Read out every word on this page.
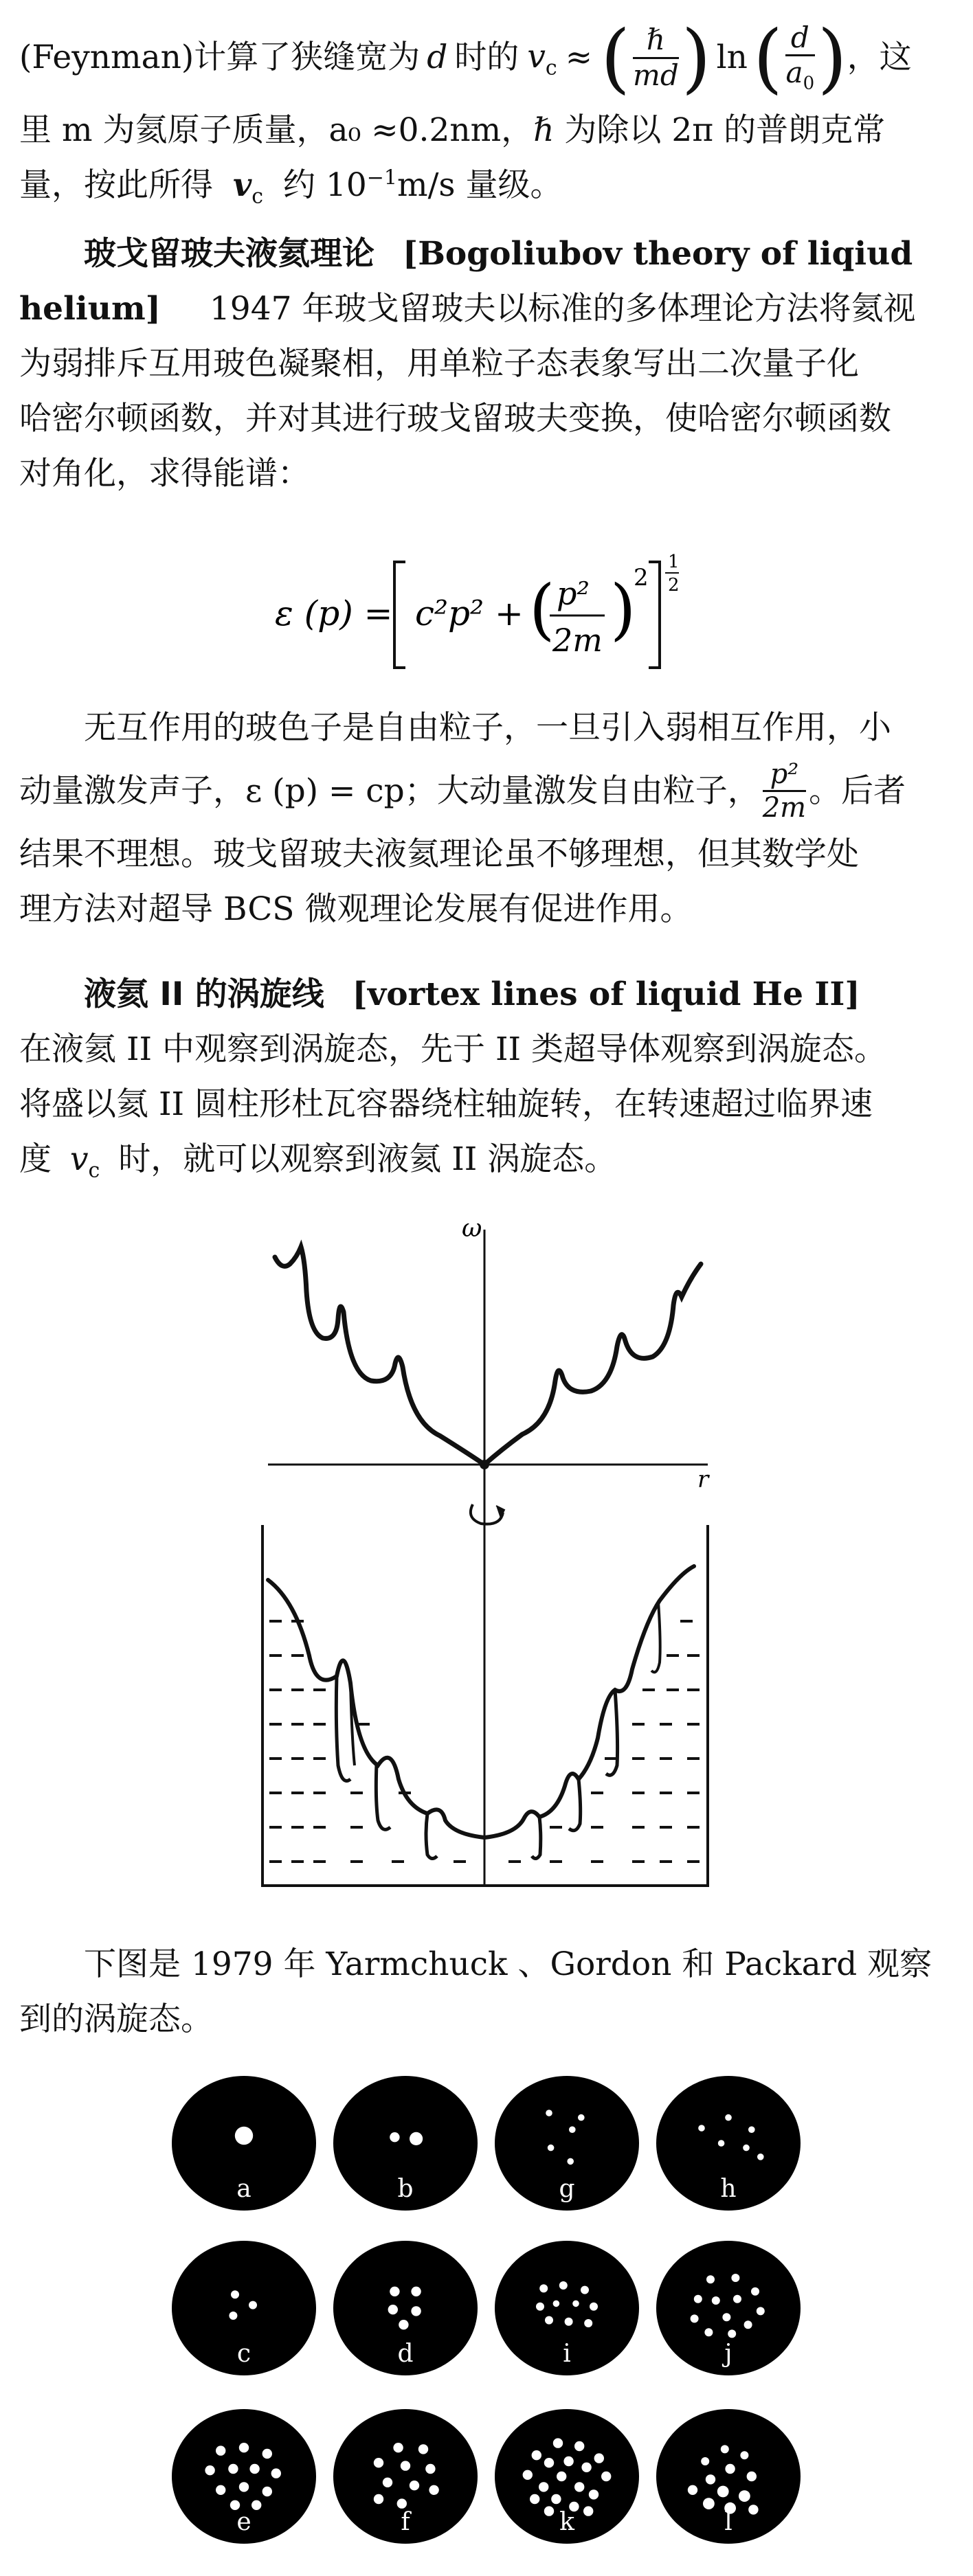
(Feynman)计算了狭缝宽为 d 时的 $v_c$ ≈ ( $\frac{\text{ℏ}}{md}$ ) ln ( $\frac{d}{a_0}$ ) ，这
里 m 为氦原子质量，a₀ ≈0.2nm，ℏ 为除以 2π 的普朗克常
量，按此所得 $v_c$ 约 $10^{-1}m/s$ 量级。
玻戈留玻夫液氦理论 [Bogoliubov theory of liqiud
helium] 1947 年玻戈留玻夫以标准的多体理论方法将氦视
为弱排斥互用玻色凝聚相，用单粒子态表象写出二次量子化
哈密尔顿函数，并对其进行玻戈留玻夫变换，使哈密尔顿函数
对角化，求得能谱：
ε (p) = c²p² + ( p²
2m )
2
1
2
无互作用的玻色子是自由粒子，一旦引入弱相互作用，小
动量激发声子，ε (p) = cp；大动量激发自由粒子， $\frac{\text{p²}}{2m}$ 。后者
结果不理想。玻戈留玻夫液氦理论虽不够理想，但其数学处
理方法对超导 BCS 微观理论发展有促进作用。
液氦 II 的涡旋线 [vortex lines of liquid He II]
在液氦 II 中观察到涡旋态，先于 II 类超导体观察到涡旋态。
将盛以氦 II 圆柱形杜瓦容器绕柱轴旋转，在转速超过临界速
度 $v_c$ 时，就可以观察到液氦 II 涡旋态。
ω
r
下图是 1979 年 Yarmchuck 、Gordon 和 Packard 观察
到的涡旋态。
a	b	g	h
c	d	i	j
e	f	k	l
